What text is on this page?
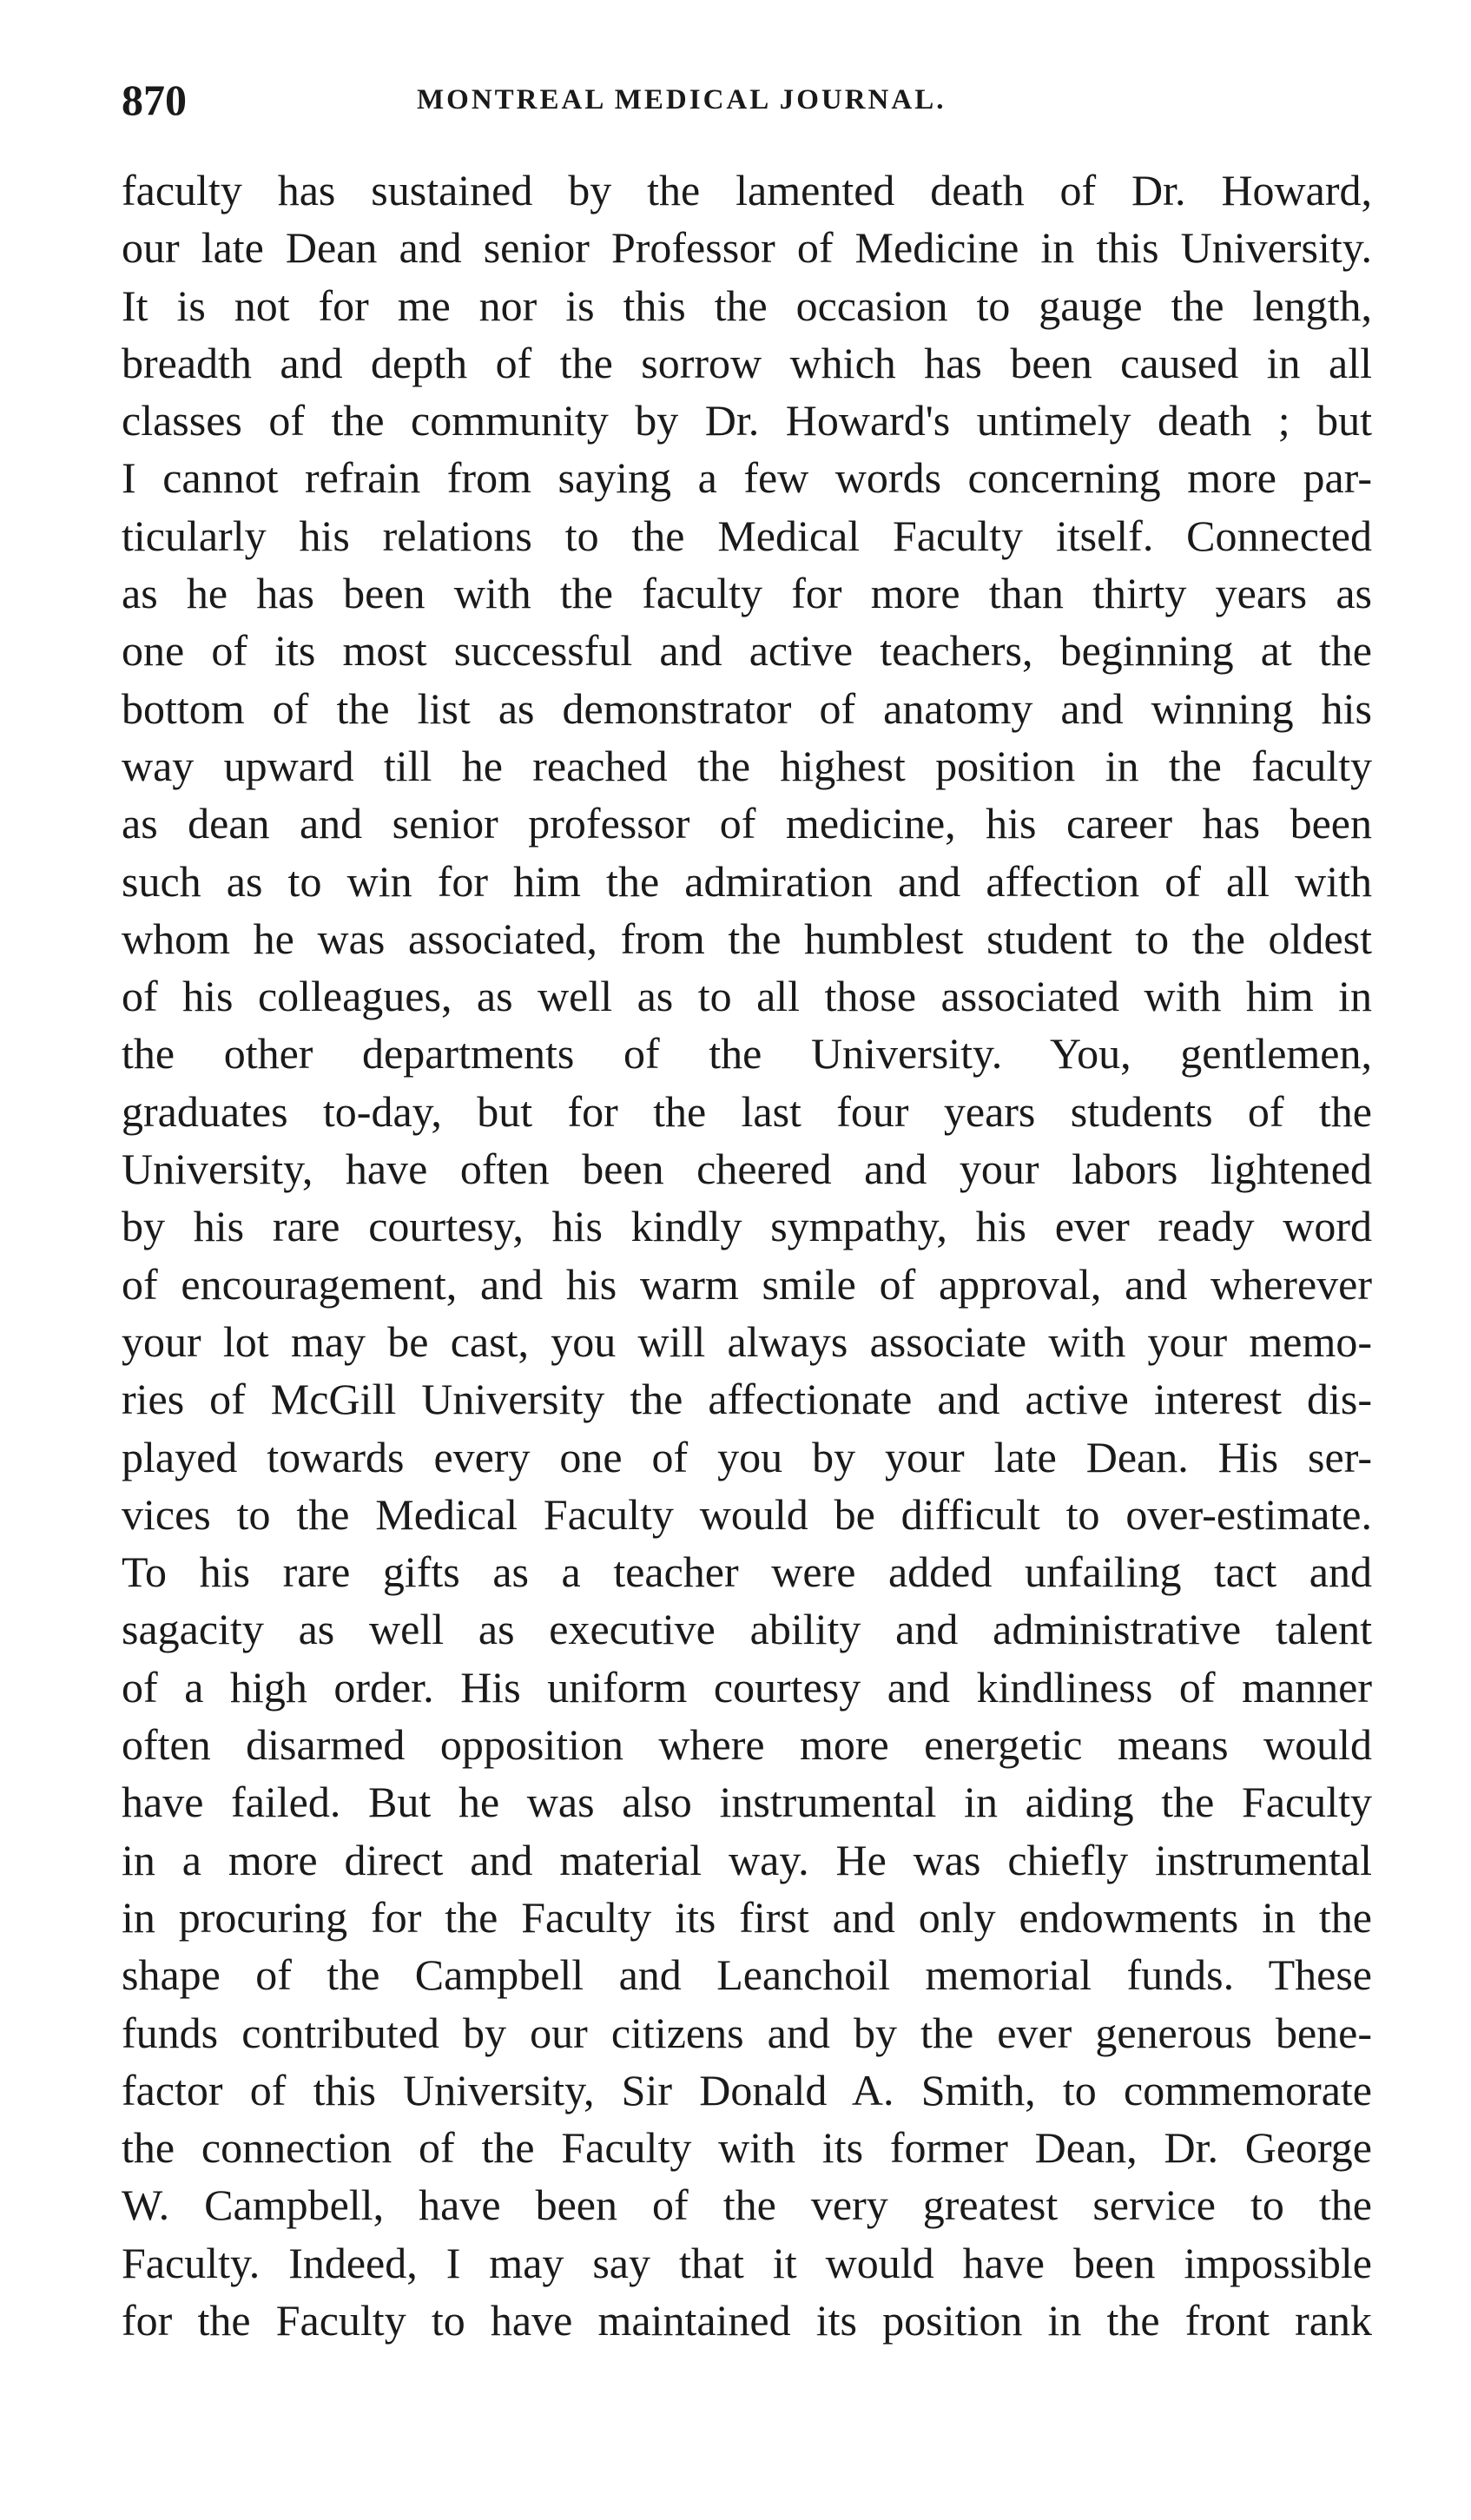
870	MONTREAL MEDICAL JOURNAL.
faculty has sustained by the lamented death of Dr. Howard,
our late Dean and senior Professor of Medicine in this University.
It is not for me nor is this the occasion to gauge the length,
breadth and depth of the sorrow which has been caused in all
classes of the community by Dr. Howard's untimely death ; but
I cannot refrain from saying a few words concerning more par-
ticularly his relations to the Medical Faculty itself. Connected
as he has been with the faculty for more than thirty years as
one of its most successful and active teachers, beginning at the
bottom of the list as demonstrator of anatomy and winning his
way upward till he reached the highest position in the faculty
as dean and senior professor of medicine, his career has been
such as to win for him the admiration and affection of all with
whom he was associated, from the humblest student to the oldest
of his colleagues, as well as to all those associated with him in
the other departments of the University. You, gentlemen,
graduates to-day, but for the last four years students of the
University, have often been cheered and your labors lightened
by his rare courtesy, his kindly sympathy, his ever ready word
of encouragement, and his warm smile of approval, and wherever
your lot may be cast, you will always associate with your memo-
ries of McGill University the affectionate and active interest dis-
played towards every one of you by your late Dean. His ser-
vices to the Medical Faculty would be difficult to over-estimate.
To his rare gifts as a teacher were added unfailing tact and
sagacity as well as executive ability and administrative talent
of a high order. His uniform courtesy and kindliness of manner
often disarmed opposition where more energetic means would
have failed. But he was also instrumental in aiding the Faculty
in a more direct and material way. He was chiefly instrumental
in procuring for the Faculty its first and only endowments in the
shape of the Campbell and Leanchoil memorial funds. These
funds contributed by our citizens and by the ever generous bene-
factor of this University, Sir Donald A. Smith, to commemorate
the connection of the Faculty with its former Dean, Dr. George
W. Campbell, have been of the very greatest service to the
Faculty. Indeed, I may say that it would have been impossible
for the Faculty to have maintained its position in the front rank
